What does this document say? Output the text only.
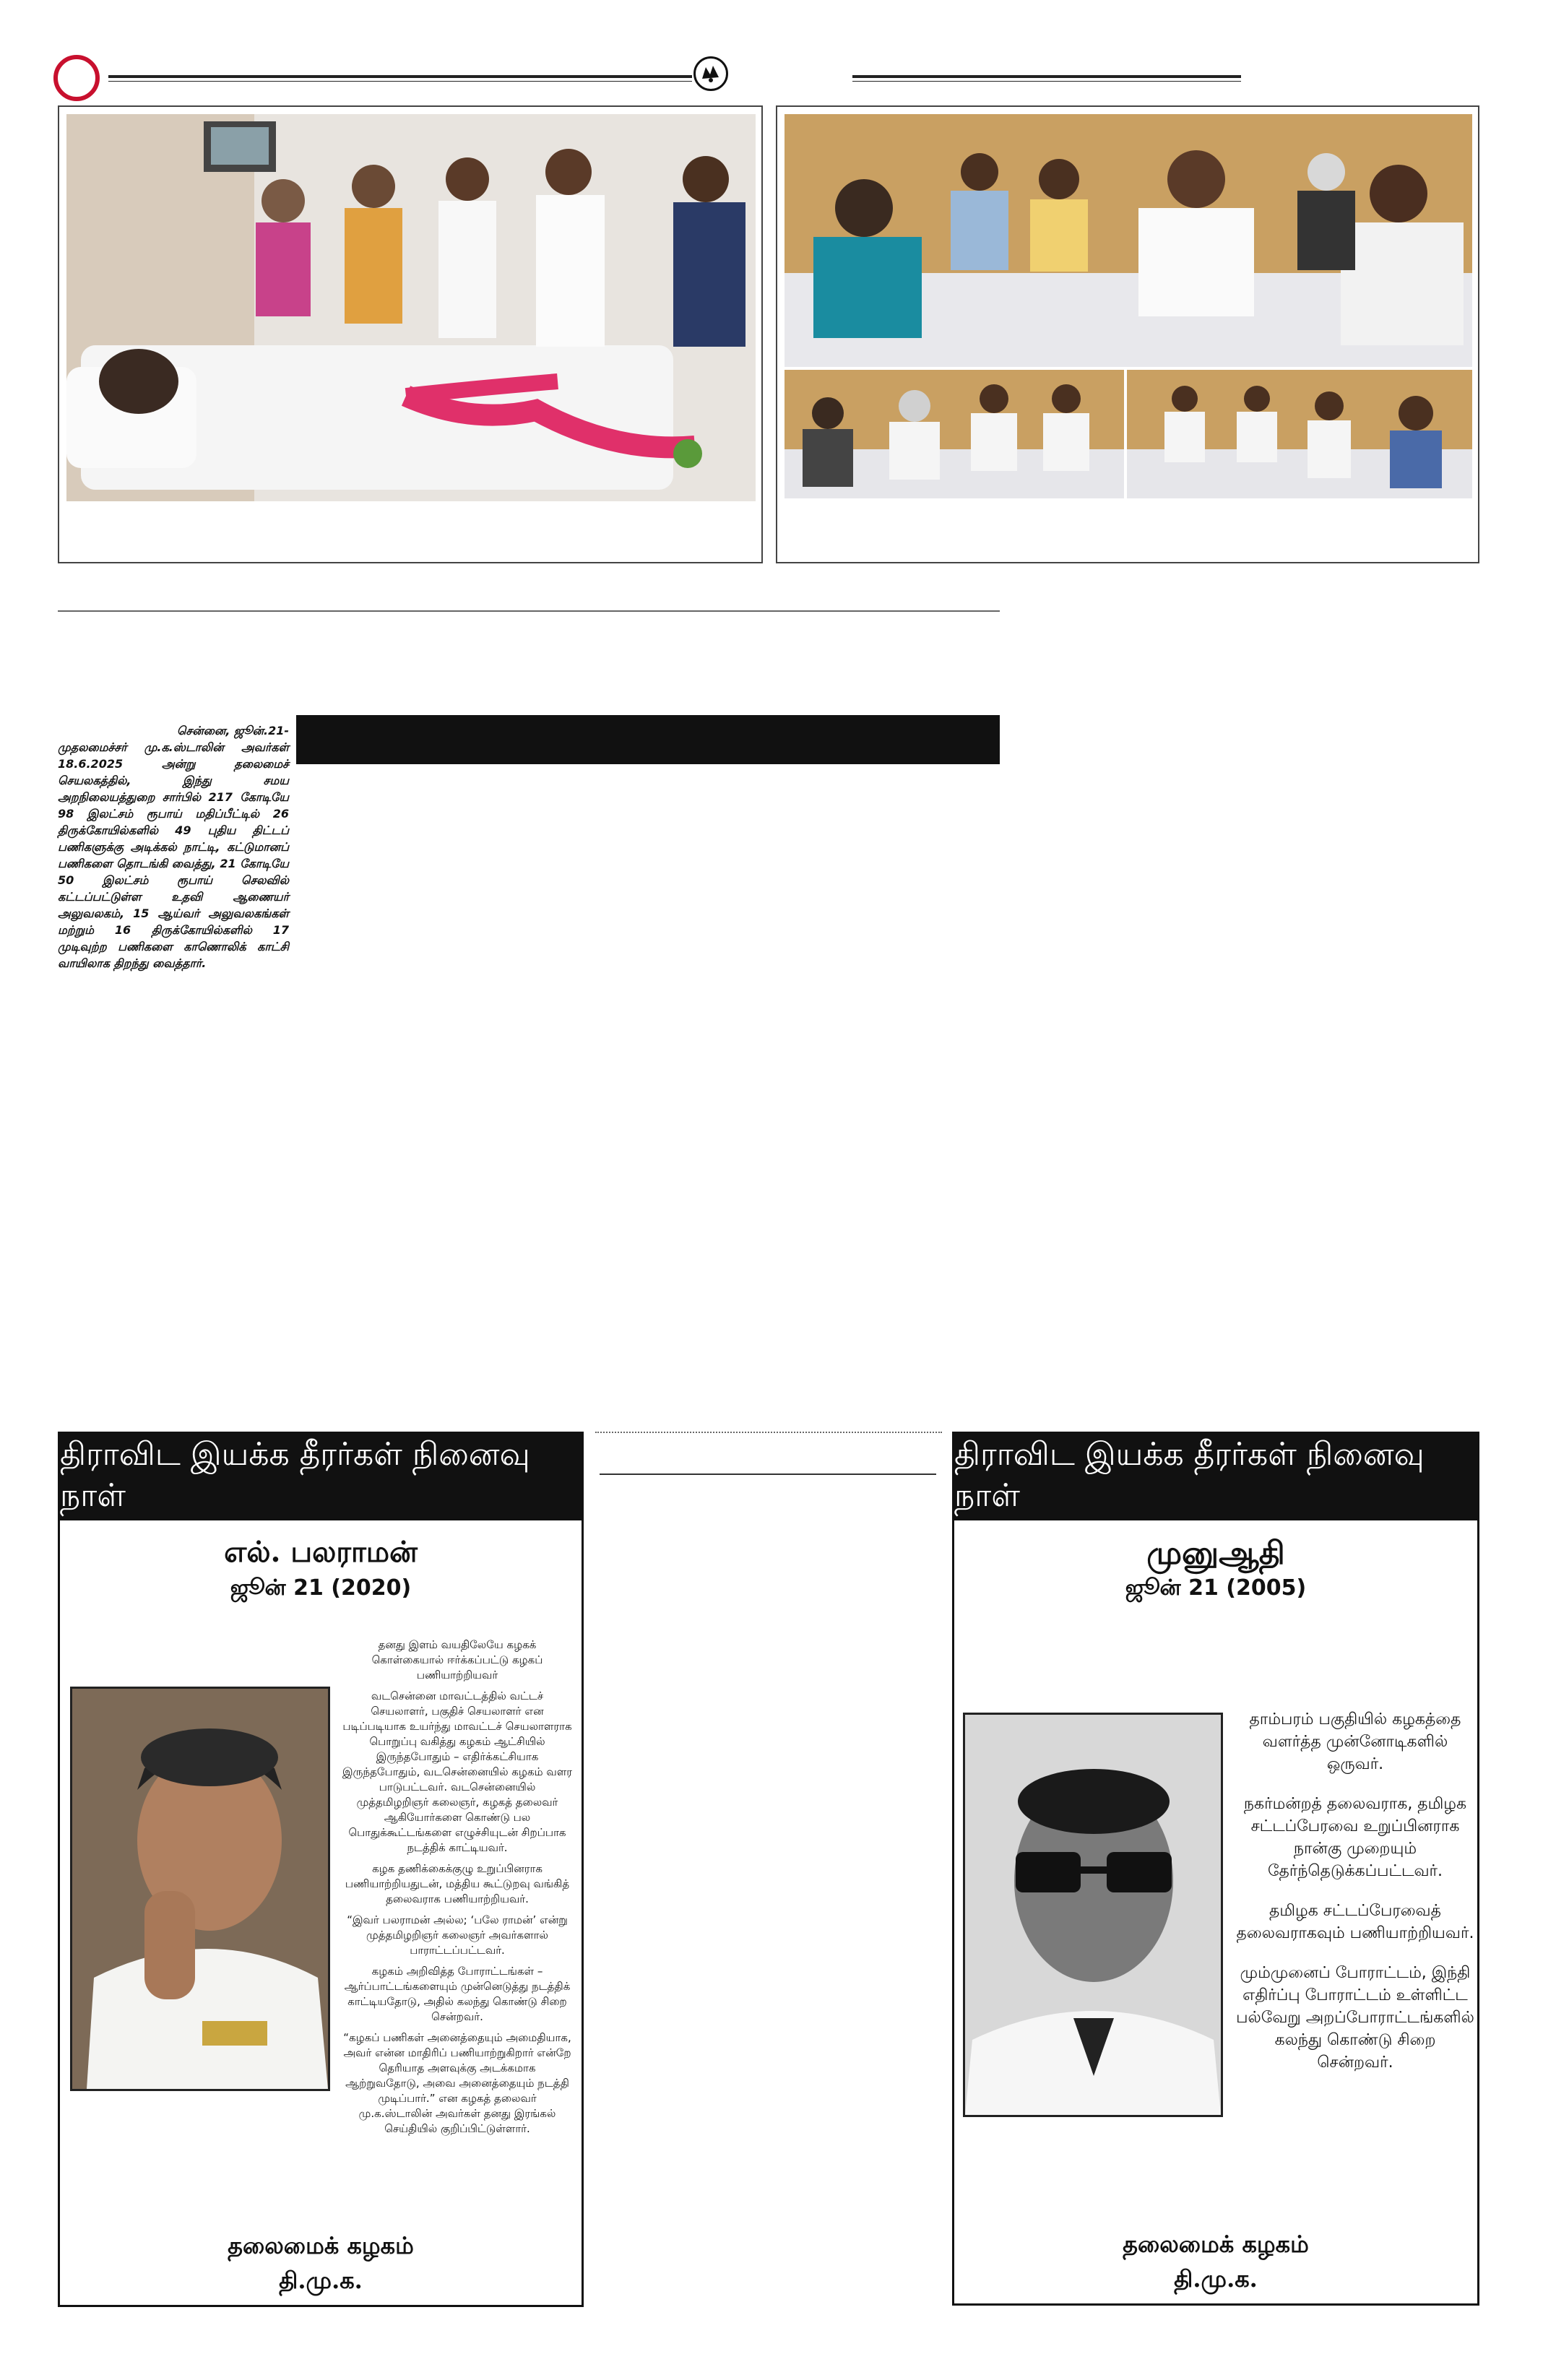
சென்னை, ஜூன்.21-
முதலமைச்சர் மு.க.ஸ்டாலின் அவர்கள் 18.6.2025 அன்று தலைமைச் செயலகத்தில், இந்து சமய அறநிலையத்துறை சார்பில் 217 கோடியே 98 இலட்சம் ரூபாய் மதிப்பீட்டில் 26 திருக்கோயில்களில் 49 புதிய திட்டப் பணிகளுக்கு அடிக்கல் நாட்டி, கட்டுமானப் பணிகளை தொடங்கி வைத்து, 21 கோடியே 50 இலட்சம் ரூபாய் செலவில் கட்டப்பட்டுள்ள உதவி ஆணையர் அலுவலகம், 15 ஆய்வர் அலுவலகங்கள் மற்றும் 16 திருக்கோயில்களில் 17 முடிவுற்ற பணிகளை காணொலிக் காட்சி வாயிலாக திறந்து வைத்தார்.
திராவிட இயக்க தீரர்கள் நினைவு நாள்
எல். பலராமன்
ஜூன் 21 (2020)

தனது இளம் வயதிலேயே கழகக் கொள்கையால் ஈர்க்கப்பட்டு கழகப் பணியாற்றியவர்

வடசென்னை மாவட்டத்தில் வட்டச் செயலாளர், பகுதிச் செயலாளர் என படிப்படியாக உயர்ந்து மாவட்டச் செயலாளராக பொறுப்பு வகித்து கழகம் ஆட்சியில் இருந்தபோதும் – எதிர்க்கட்சியாக இருந்தபோதும், வடசென்னையில் கழகம் வளர பாடுபட்டவர். வடசென்னையில் முத்தமிழறிஞர் கலைஞர், கழகத் தலைவர் ஆகியோர்களை கொண்டு பல பொதுக்கூட்டங்களை எழுச்சியுடன் சிறப்பாக நடத்திக் காட்டியவர்.

கழக தணிக்கைக்குழு உறுப்பினராக பணியாற்றியதுடன், மத்திய கூட்டுறவு வங்கித் தலைவராக பணியாற்றியவர்.

“இவர் பலராமன் அல்ல; ‘பலே ராமன்’ என்று முத்தமிழறிஞர் கலைஞர் அவர்களால் பாராட்டப்பட்டவர்.

கழகம் அறிவித்த போராட்டங்கள் – ஆர்ப்பாட்டங்களையும் முன்னெடுத்து நடத்திக் காட்டியதோடு, அதில் கலந்து கொண்டு சிறை சென்றவர்.

“கழகப் பணிகள் அனைத்தையும் அமைதியாக, அவர் என்ன மாதிரிப் பணியாற்றுகிறார் என்றே தெரியாத அளவுக்கு அடக்கமாக ஆற்றுவதோடு, அவை அனைத்தையும் நடத்தி முடிப்பார்.” என கழகத் தலைவர் மு.க.ஸ்டாலின் அவர்கள் தனது இரங்கல் செய்தியில் குறிப்பிட்டுள்ளார்.

தலைமைக் கழகம்
தி.மு.க.
திராவிட இயக்க தீரர்கள் நினைவு நாள்
முனுஆதி
ஜூன் 21 (2005)

தாம்பரம் பகுதியில் கழகத்தை வளர்த்த முன்னோடிகளில் ஒருவர்.

நகர்மன்றத் தலைவராக, தமிழக சட்டப்பேரவை உறுப்பினராக நான்கு முறையும் தேர்ந்தெடுக்கப்பட்டவர்.

தமிழக சட்டப்பேரவைத் தலைவராகவும் பணியாற்றியவர்.

மும்முனைப் போராட்டம், இந்தி எதிர்ப்பு போராட்டம் உள்ளிட்ட பல்வேறு அறப்போராட்டங்களில் கலந்து கொண்டு சிறை சென்றவர்.

தலைமைக் கழகம்
தி.மு.க.
